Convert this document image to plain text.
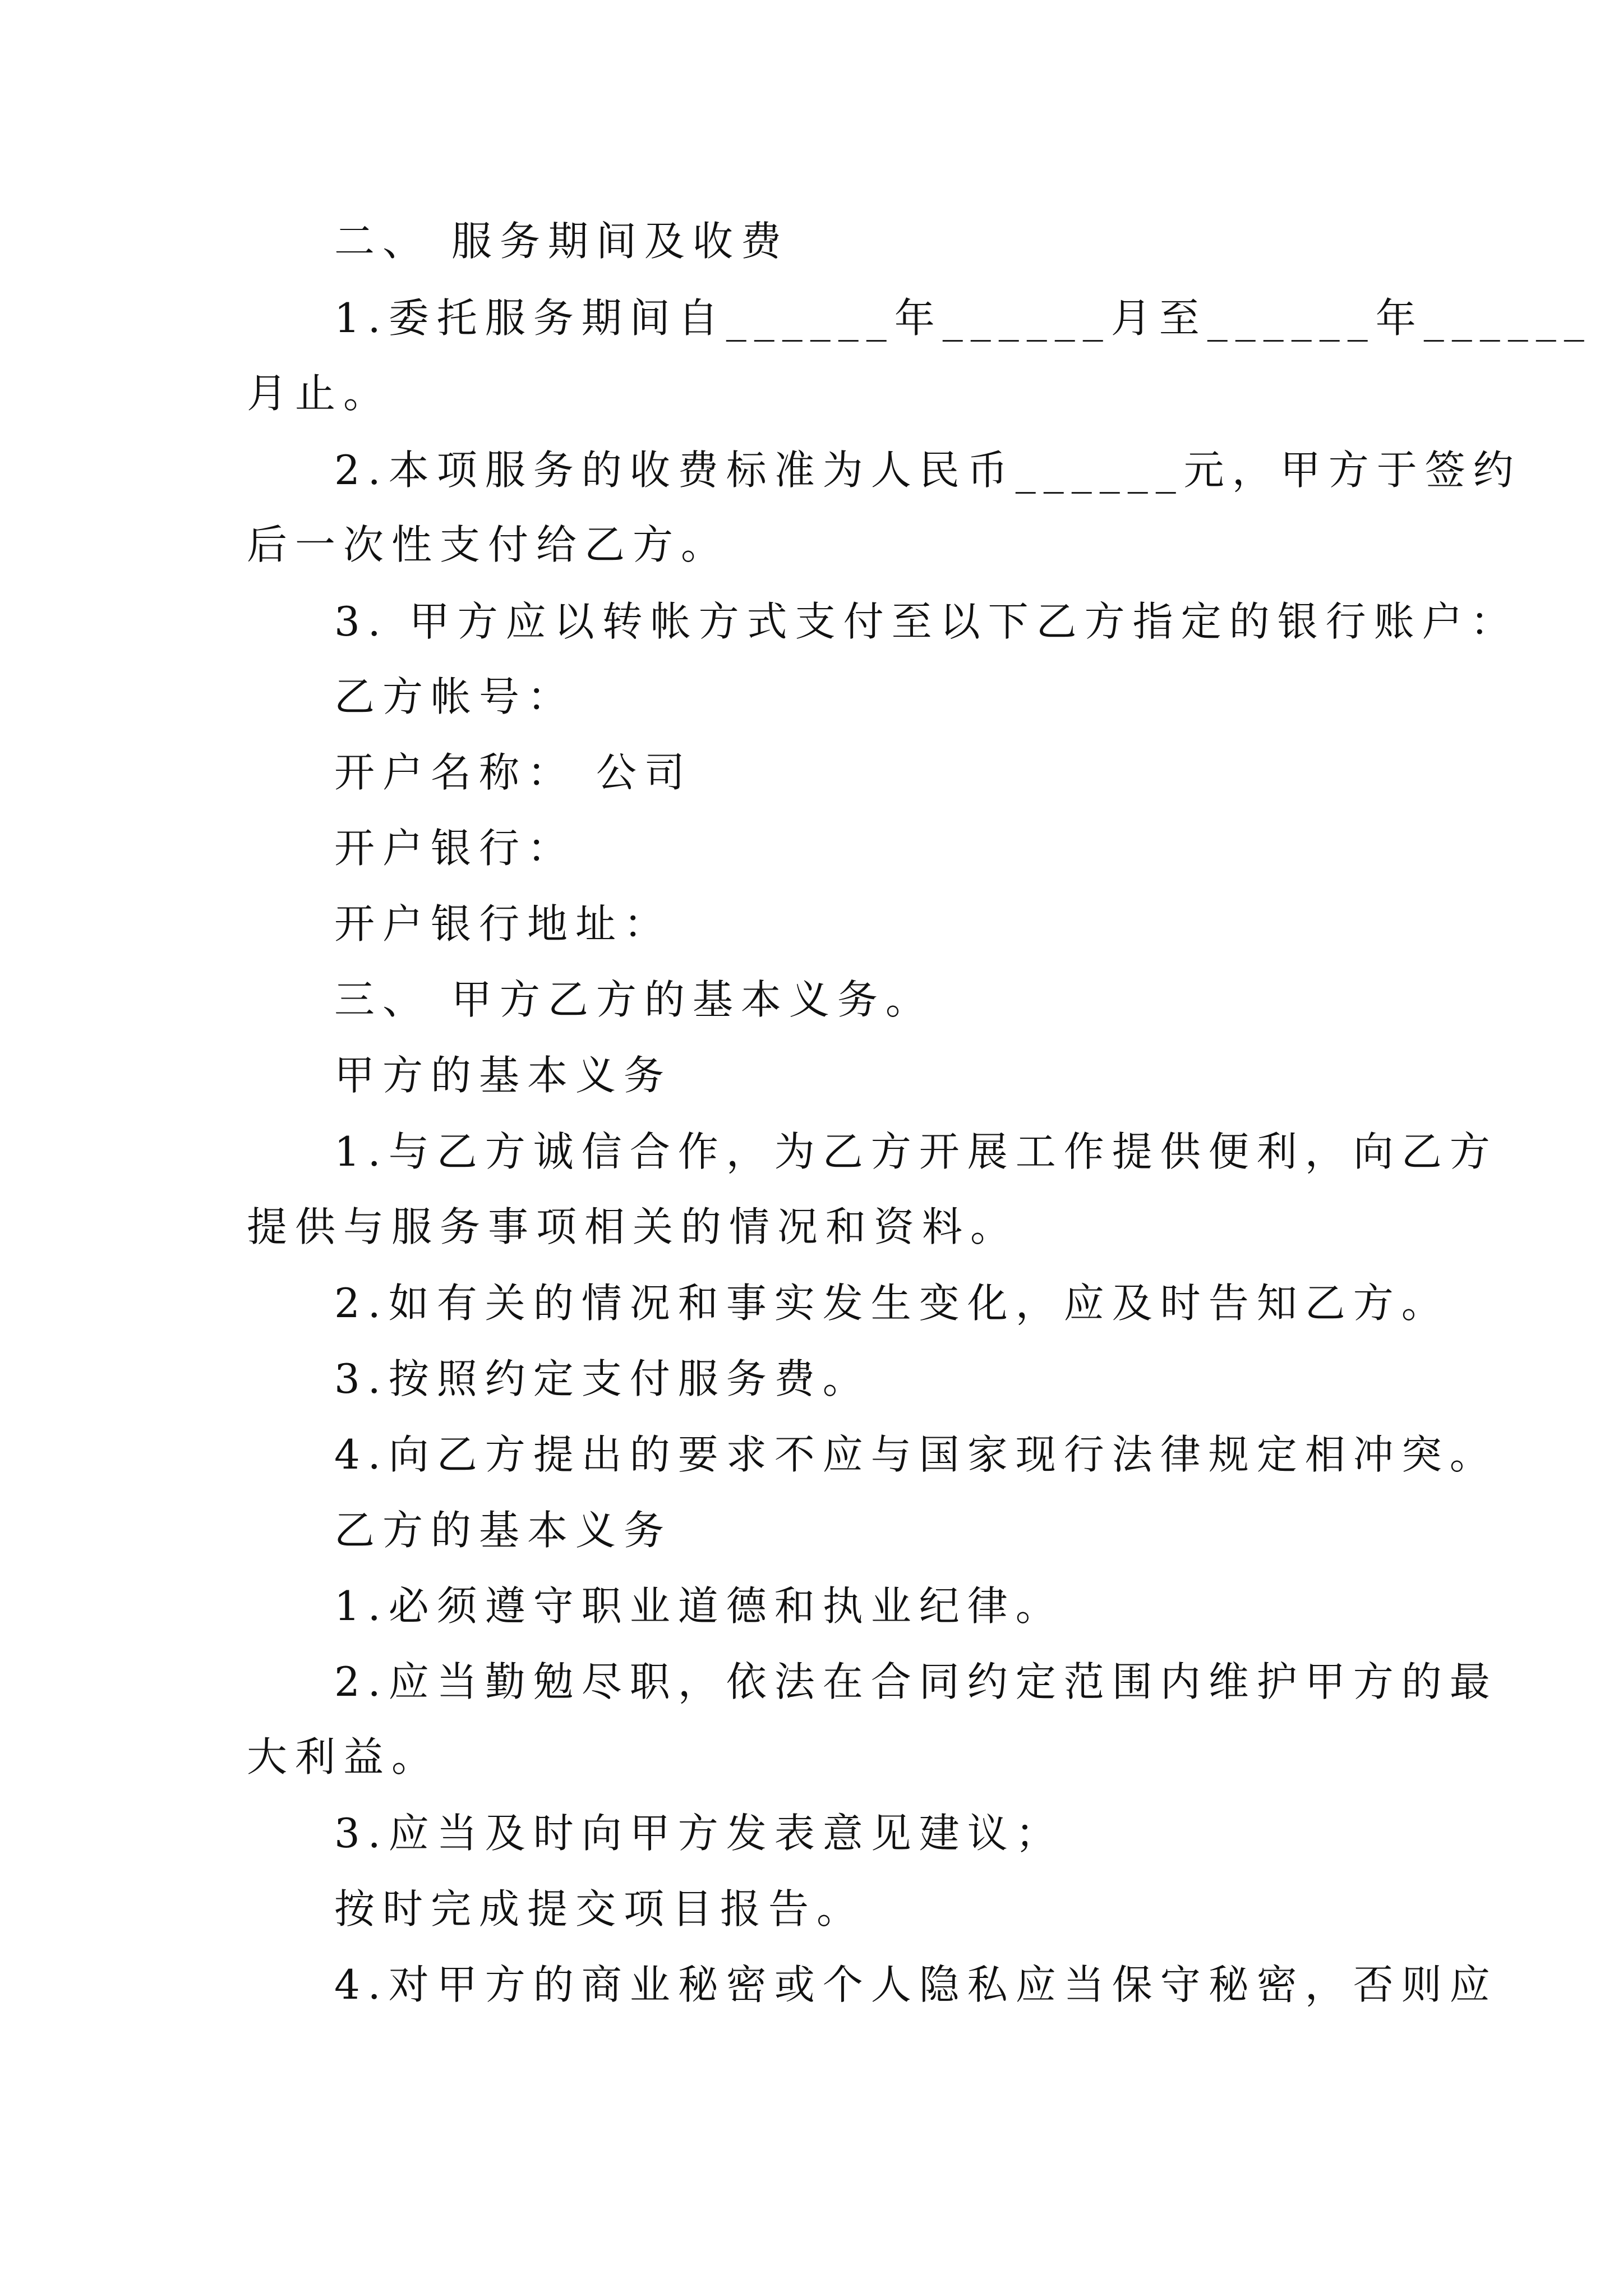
二、 服务期间及收费
1.委托服务期间自______年______月至______年______
月止。
2.本项服务的收费标准为人民币______元，甲方于签约
后一次性支付给乙方。
3. 甲方应以转帐方式支付至以下乙方指定的银行账户：
乙方帐号：
开户名称： 公司
开户银行：
开户银行地址：
三、 甲方乙方的基本义务。
甲方的基本义务
1.与乙方诚信合作，为乙方开展工作提供便利，向乙方
提供与服务事项相关的情况和资料。
2.如有关的情况和事实发生变化，应及时告知乙方。
3.按照约定支付服务费。
4.向乙方提出的要求不应与国家现行法律规定相冲突。
乙方的基本义务
1.必须遵守职业道德和执业纪律。
2.应当勤勉尽职，依法在合同约定范围内维护甲方的最
大利益。
3.应当及时向甲方发表意见建议；
按时完成提交项目报告。
4.对甲方的商业秘密或个人隐私应当保守秘密，否则应
